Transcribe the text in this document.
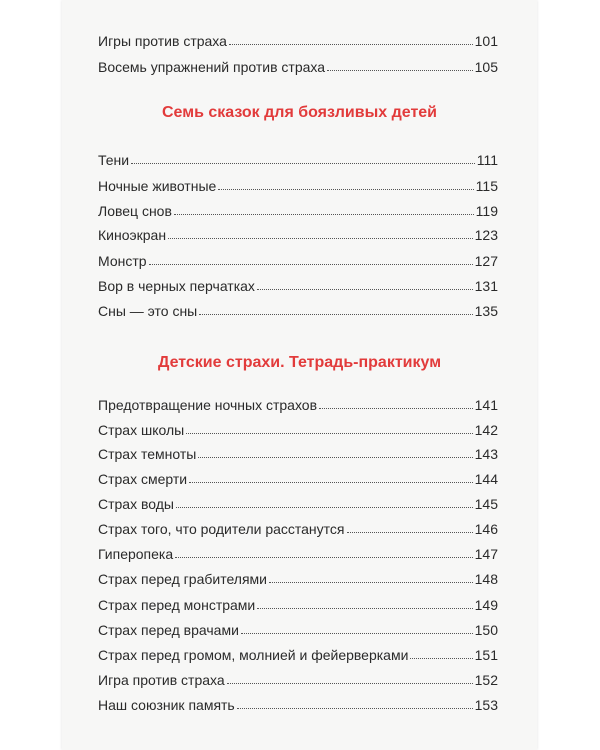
Игры против страха	101
Восемь упражнений против страха	105
Семь сказок для боязливых детей
Тени	111
Ночные животные	115
Ловец снов	119
Киноэкран	123
Монстр	127
Вор в черных перчатках	131
Сны — это сны	135
Детские страхи. Тетрадь-практикум
Предотвращение ночных страхов	141
Страх школы	142
Страх темноты	143
Страх смерти	144
Страх воды	145
Страх того, что родители расстанутся	146
Гиперопека	147
Страх перед грабителями	148
Страх перед монстрами	149
Страх перед врачами	150
Страх перед громом, молнией и фейерверками	151
Игра против страха	152
Наш союзник память	153
